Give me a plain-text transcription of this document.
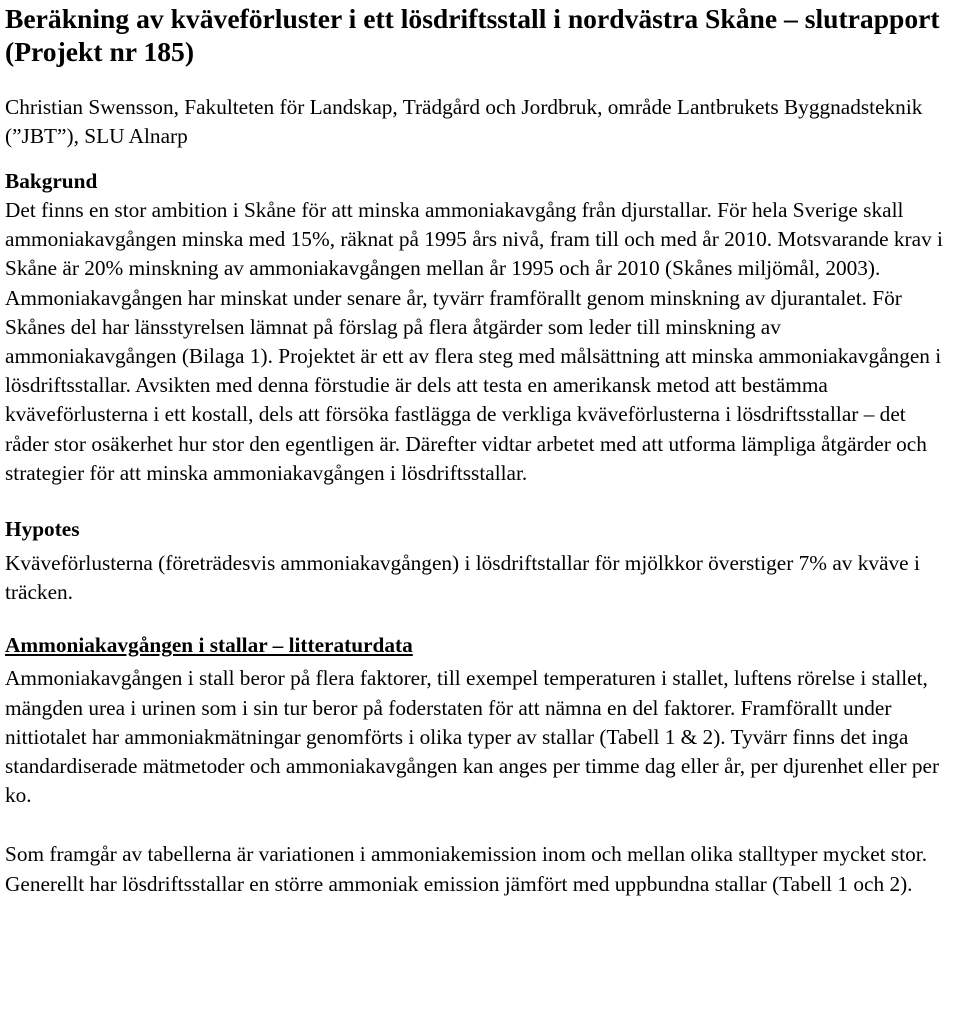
Beräkning av kväveförluster i ett lösdriftsstall i nordvästra Skåne – slutrapport (Projekt nr 185)

Christian Swensson, Fakulteten för Landskap, Trädgård och Jordbruk, område Lantbrukets Byggnadsteknik (”JBT”), SLU Alnarp

Bakgrund

Det finns en stor ambition i Skåne för att minska ammoniakavgång från djurstallar. För hela Sverige skall ammoniakavgången minska med 15%, räknat på 1995 års nivå, fram till och med år 2010. Motsvarande krav i Skåne är 20% minskning av ammoniakavgången mellan år 1995 och år 2010 (Skånes miljömål, 2003). Ammoniakavgången har minskat under senare år, tyvärr framförallt genom minskning av djurantalet. För Skånes del har länsstyrelsen lämnat på förslag på flera åtgärder som leder till minskning av ammoniakavgången (Bilaga 1). Projektet är ett av flera steg med målsättning att minska ammoniakavgången i lösdriftsstallar. Avsikten med denna förstudie är dels att testa en amerikansk metod att bestämma kväveförlusterna i ett kostall, dels att försöka fastlägga de verkliga kväveförlusterna i lösdriftsstallar – det råder stor osäkerhet hur stor den egentligen är. Därefter vidtar arbetet med att utforma lämpliga åtgärder och strategier för att minska ammoniakavgången i lösdriftsstallar.

Hypotes

Kväveförlusterna (företrädesvis ammoniakavgången) i lösdriftstallar för mjölkkor överstiger 7% av kväve i träcken.

Ammoniakavgången i stallar – litteraturdata

Ammoniakavgången i stall beror på flera faktorer, till exempel temperaturen i stallet, luftens rörelse i stallet, mängden urea i urinen som i sin tur beror på foderstaten för att nämna en del faktorer. Framförallt under nittiotalet har ammoniakmätningar genomförts i olika typer av stallar (Tabell 1 & 2). Tyvärr finns det inga standardiserade mätmetoder och ammoniakavgången kan anges per timme dag eller år, per djurenhet eller per ko.

Som framgår av tabellerna är variationen i ammoniakemission inom och mellan olika stalltyper mycket stor. Generellt har lösdriftsstallar en större ammoniak emission jämfört med uppbundna stallar (Tabell 1 och 2).
